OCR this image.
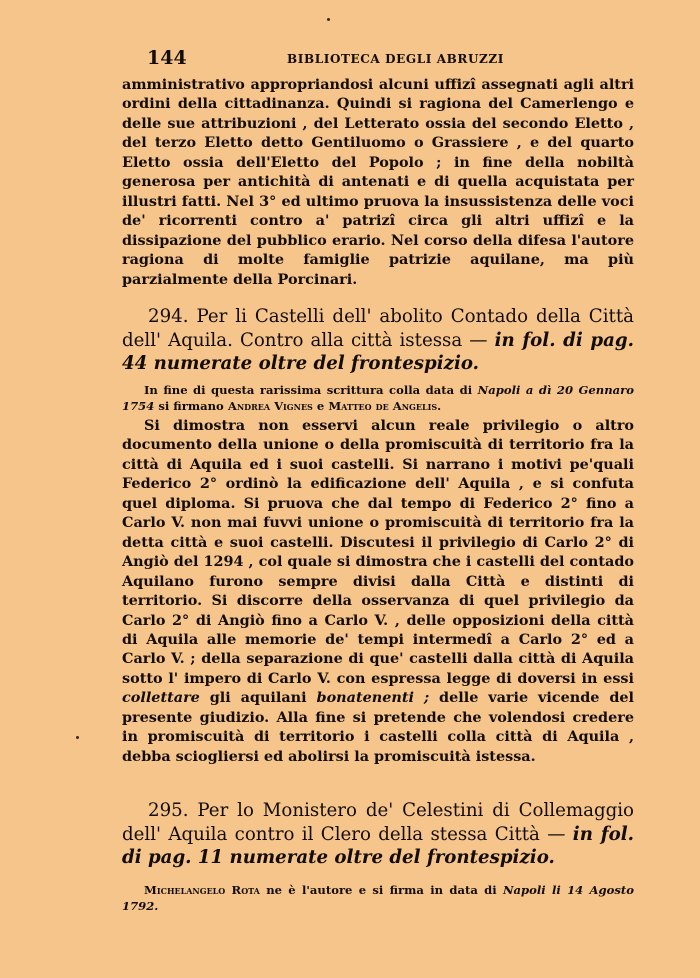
144	BIBLIOTECA DEGLI ABRUZZI

amministrativo appropriandosi alcuni uffizî assegnati agli altri ordini della cittadinanza. Quindi si ragiona del Camerlengo e delle sue attribuzioni , del Letterato ossia del secondo Eletto , del terzo Eletto detto Gentiluomo o Grassiere , e del quarto Eletto ossia dell'Eletto del Popolo ; in fine della nobiltà generosa per antichità di antenati e di quella acquistata per illustri fatti. Nel 3° ed ultimo pruova la insussistenza delle voci de' ricorrenti contro a' patrizî circa gli altri uffizî e la dissipazione del pubblico erario. Nel corso della difesa l'autore ragiona di molte famiglie patrizie aquilane, ma più parzialmente della Porcinari.

294. Per li Castelli dell' abolito Contado della Città dell' Aquila. Contro alla città istessa — in fol. di pag. 44 numerate oltre del frontespizio.

In fine di questa rarissima scrittura colla data di Napoli a dì 20 Gennaro 1754 si firmano Andrea Vignes e Matteo de Angelis.

Si dimostra non esservi alcun reale privilegio o altro documento della unione o della promiscuità di territorio fra la città di Aquila ed i suoi castelli. Si narrano i motivi pe'quali Federico 2° ordinò la edificazione dell' Aquila , e si confuta quel diploma. Si pruova che dal tempo di Federico 2° fino a Carlo V. non mai fuvvi unione o promiscuità di territorio fra la detta città e suoi castelli. Discutesi il privilegio di Carlo 2° di Angiò del 1294 , col quale si dimostra che i castelli del contado Aquilano furono sempre divisi dalla Città e distinti di territorio. Si discorre della osservanza di quel privilegio da Carlo 2° di Angiò fino a Carlo V. , delle opposizioni della città di Aquila alle memorie de' tempi intermedî a Carlo 2° ed a Carlo V. ; della separazione di que' castelli dalla città di Aquila sotto l' impero di Carlo V. con espressa legge di doversi in essi collettare gli aquilani bonatenenti ; delle varie vicende del presente giudizio. Alla fine si pretende che volendosi credere in promiscuità di territorio i castelli colla città di Aquila , debba sciogliersi ed abolirsi la promiscuità istessa.

295. Per lo Monistero de' Celestini di Collemaggio dell' Aquila contro il Clero della stessa Città — in fol. di pag. 11 numerate oltre del frontespizio.

Michelangelo Rota ne è l'autore e si firma in data di Napoli li 14 Agosto 1792.
